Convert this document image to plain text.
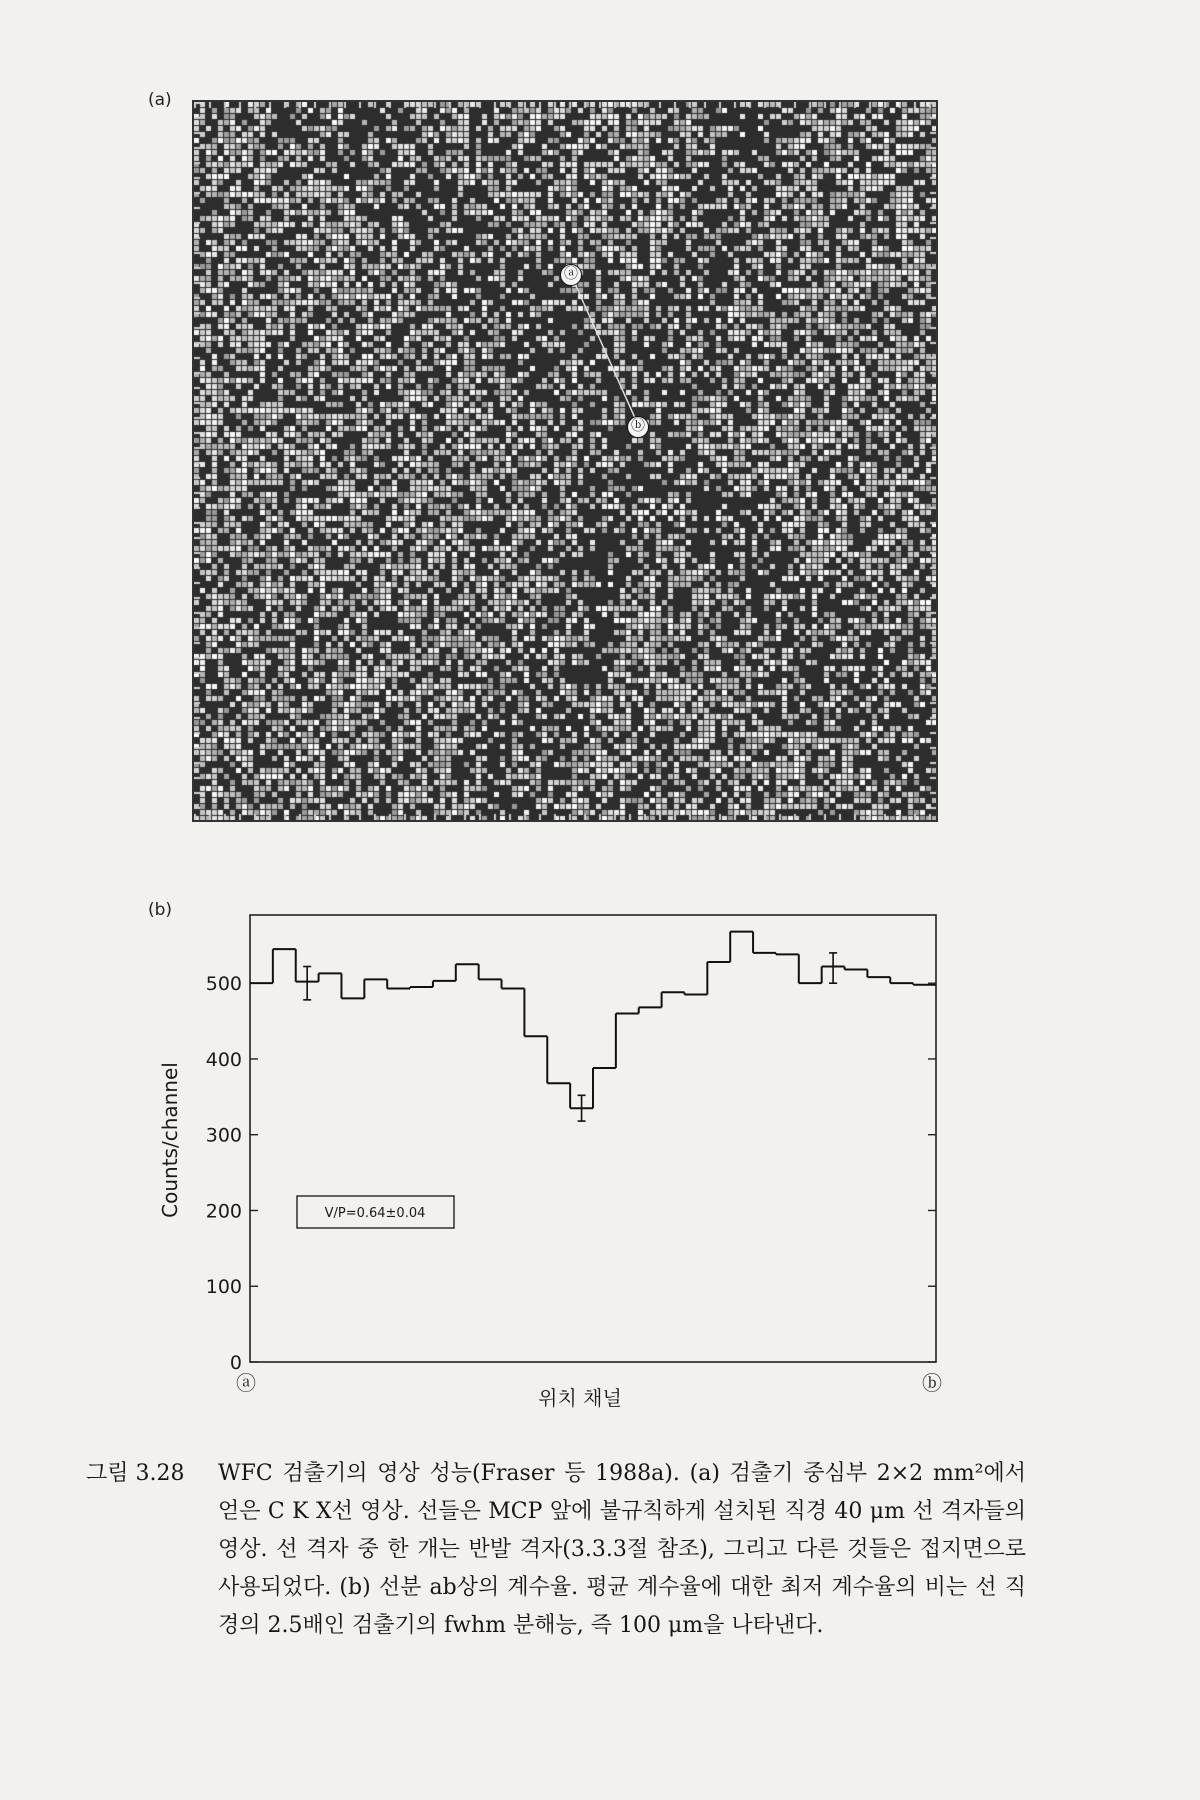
(a)
ⓐ
ⓑ
(b)
0
100
200
300
400
500
Counts/channel	V/P=0.64±0.04
ⓐ	ⓑ
위치 채널
그림 3.28 WFC 검출기의 영상 성능(Fraser 등 1988a). (a) 검출기 중심부 2×2 mm²에서 얻은 C K X선 영상. 선들은 MCP 앞에 불규칙하게 설치된 직경 40 μm 선 격자들의 영상. 선 격자 중 한 개는 반발 격자(3.3.3절 참조), 그리고 다른 것들은 접지면으로 사용되었다. (b) 선분 ab상의 계수율. 평균 계수율에 대한 최저 계수율의 비는 선 직경의 2.5배인 검출기의 fwhm 분해능, 즉 100 μm을 나타낸다.
